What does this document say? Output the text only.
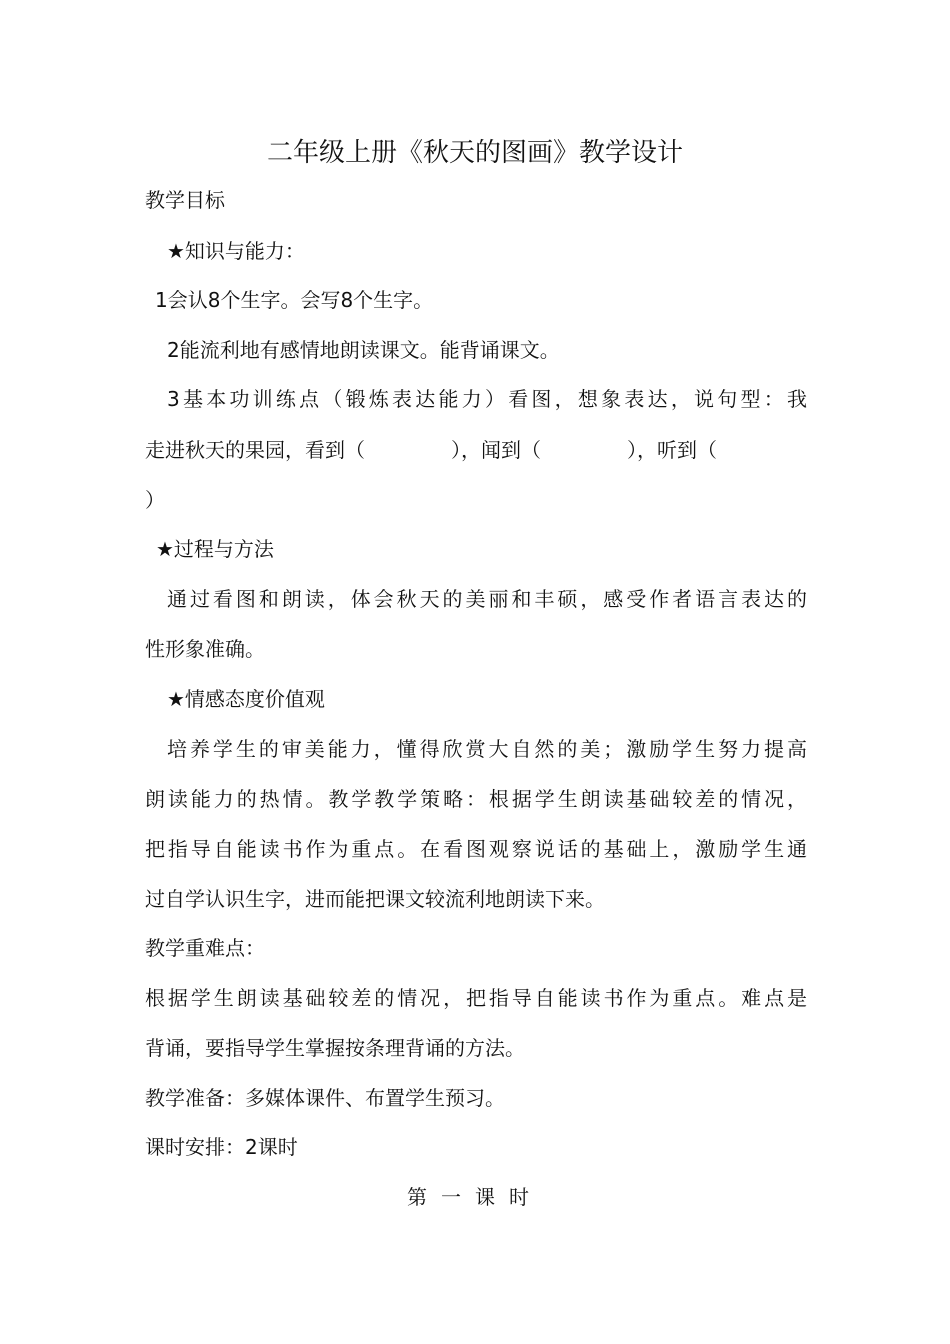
二年级上册《秋天的图画》教学设计
教学目标
★知识与能力：
1会认8个生字。会写8个生字。
2能流利地有感情地朗读课文。能背诵课文。
3基本功训练点（锻炼表达能力）看图，想象表达，说句型：我
走进秋天的果园，看到（	），闻到（	），听到（
）
★过程与方法
通过看图和朗读，体会秋天的美丽和丰硕，感受作者语言表达的
性形象准确。
★情感态度价值观
培养学生的审美能力，懂得欣赏大自然的美；激励学生努力提高
朗读能力的热情。教学教学策略：根据学生朗读基础较差的情况，
把指导自能读书作为重点。在看图观察说话的基础上，激励学生通
过自学认识生字，进而能把课文较流利地朗读下来。
教学重难点：
根据学生朗读基础较差的情况，把指导自能读书作为重点。难点是
背诵，要指导学生掌握按条理背诵的方法。
教学准备：多媒体课件、布置学生预习。
课时安排：2课时
第一课时
